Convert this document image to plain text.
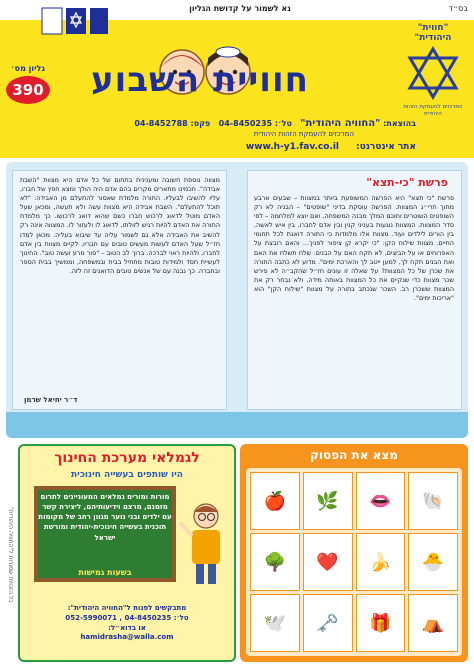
בס״ד
נא לשמור על קדושת הגליון
"חווית" היהודית"
המרכזים להעמקת הזהות היהודית
חוויית השבוע
גליון מס׳
390
בהוצאת: "החוויה היהודית"   טל׳: 04-8450235   פקס: 04-8452788
המרכזים להעמקת הזהות היהודית
אתר אינטרנט: www.h-y1.fav.co.il
פרשת "כי-תצא"
פרשת "כי תצא" היא הפרשה המשופעת ביותר במצוות – שבעים ארבע מתוך תרי״ג המצוות. הפרשה עוסקת בדיני "שופטים" – הבניה לא רק השופטים השוטרים וחוכם המלך מבנה המשפחה, ואם יוצא למלחמה – לפי סדר המצוות. המצוות נוגעות בעניני קנין ובין אדם לחברו, בין איש לאשה, בין הורים לילדים ועוד. מצוות אלו מלמדות כי התורה דואגת לכל תחומי החיים. מצוות שילוח הקן: "כי יקרא קן ציפור לפניך... והאם רובצת על האפרוחים או על הביצים, לא תקח האם על הבנים. שלח תשלח את האם ואת הבנים תקח לך, למען ייטב לך והארכת ימים". מדוע לא כתבה התורה את שכרן של כל המצוות? על שאלה זו עונים חז״ל שהקב״ה לא פירש שכר מצוות כדי שנקיים את כל המצוות באותה מידה, ולא נבחר רק את המצוות ששכרן רב. השכר שנכתב בתורה על מצוות "שילוח הקן" הוא "אריכות ימים".
מצווה נוספת חשובה ומענינית בתחום של כל אדם היא מצוות "השבת אבידה". חכמינו מתארים מקרים בהם אדם היה הולך ומצא חפץ של חברו, עליו להשיבו לבעליו. התורה מלמדת שאסור להתעלם מן האבידה: "לא תוכל להתעלם". השבת אבידה היא מצוות עשה ולא תעשה, ומכאן שעל האדם מוטל לדאוג לרכוש חברו כשם שהוא דואג לרכושו. כך מלמדת התורה את האדם להיות רגיש לזולתו, לדאוג לו ולעזור לו. המצווה אינה רק להשיב את האבידה אלא גם לשמור עליה עד שיבוא בעליה. מכאן למדו חז״ל שעל האדם לעשות מעשים טובים עם חבריו, לקיים מצוות בין אדם לחברו, ולהיות ראוי לברכה. ברוך לב הטוב – "סור מרע ועשה טוב". החינוך לעשיית חסד ולמידות טובות מתחיל בבית ובמשפחה, וממשיך בבית הספר ובחברה. כך נבנה עם של אנשים טובים הדואגים זה לזה.
ד״ר יחיאל שרמן
מצא את הפסוק
🐚
👄
🌿
🍎
🐣
🍌
❤️
🌳
⛺
🎁
🗝️
🕊️
כל הזכויות שמורות ל"החוויה היהודית"
לגמלאי מערכת החינוך
היו שותפים בעשייה חינוכית
מורות ומורים גמלאים המעוניינים לתרום מזמנם, מרצם וידיעותיהם, ליצירת קשר עם ילדים ובני נוער מגוון רחב של מקומות תוכנית בעשייה חינוכית-יהודית ומורשת ישראל
בשעות גמישות
מתבקשים לפנות ל"החוויה היהודית":
טל׳: 04-8450235 , 052-5990071
או בדוא״ל:
hamidrasha@walla.com
